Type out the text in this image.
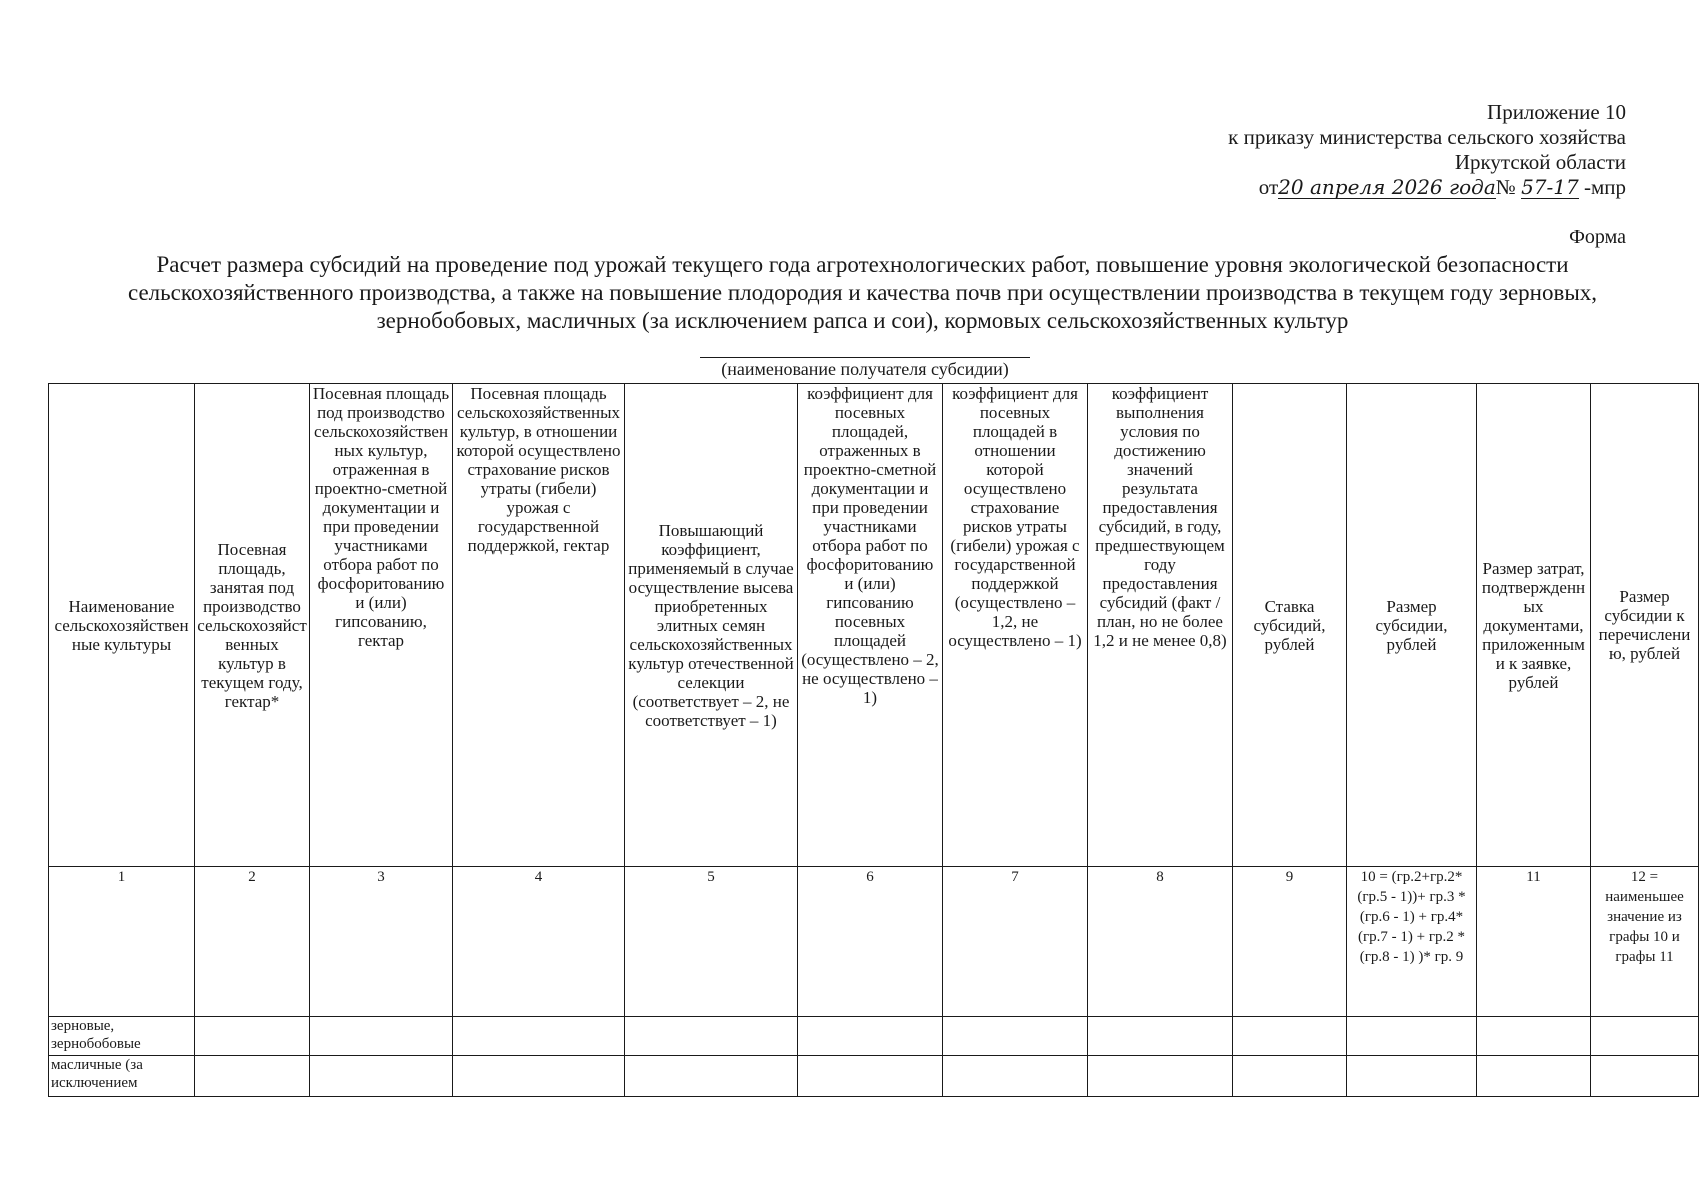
Приложение 10
к приказу министерства сельского хозяйства
Иркутской области
от20 апреля 2026 года№ 57-17 -мпр
Форма
Расчет размера субсидий на проведение под урожай текущего года агротехнологических работ, повышение уровня экологической безопасности сельскохозяйственного производства, а также на повышение плодородия и качества почв при осуществлении производства в текущем году зерновых, зернобобовых, масличных (за исключением рапса и сои), кормовых сельскохозяйственных культур
(наименование получателя субсидии)
Наименование сельскохозяйственные культуры	Посевная площадь, занятая под производство сельскохозяйственных культур в текущем году, гектар*	Посевная площадь под производство сельскохозяйственных культур, отраженная в проектно-сметной документации и при проведении участниками отбора работ по фосфоритованию и (или) гипсованию, гектар	Посевная площадь сельскохозяйственных культур, в отношении которой осуществлено страхование рисков утраты (гибели) урожая с государственной поддержкой, гектар	Повышающий коэффициент, применяемый в случае осуществление высева приобретенных элитных семян сельскохозяйственных культур отечественной селекции (соответствует – 2, не соответствует – 1)	коэффициент для посевных площадей, отраженных в проектно-сметной документации и при проведении участниками отбора работ по фосфоритованию и (или) гипсованию посевных площадей (осуществлено – 2, не осуществлено – 1)	коэффициент для посевных площадей в отношении которой осуществлено страхование рисков утраты (гибели) урожая с государственной поддержкой (осуществлено – 1,2, не осуществлено – 1)	коэффициент выполнения условия по достижению значений результата предоставления субсидий, в году, предшествующем году предоставления субсидий (факт / план, но не более 1,2 и не менее 0,8)	Ставка субсидий, рублей	Размер субсидии, рублей	Размер затрат, подтвержденных документами, приложенными к заявке, рублей	Размер субсидии к перечислению, рублей
1	2	3	4	5	6	7	8	9	10 = (гр.2+гр.2*(гр.5 - 1))+ гр.3 *(гр.6 - 1) + гр.4*(гр.7 - 1) + гр.2 *(гр.8 - 1) )* гр. 9	11	12 = наименьшее значение из графы 10 и графы 11
зерновые, зернобобовые											
масличные (за исключением											
